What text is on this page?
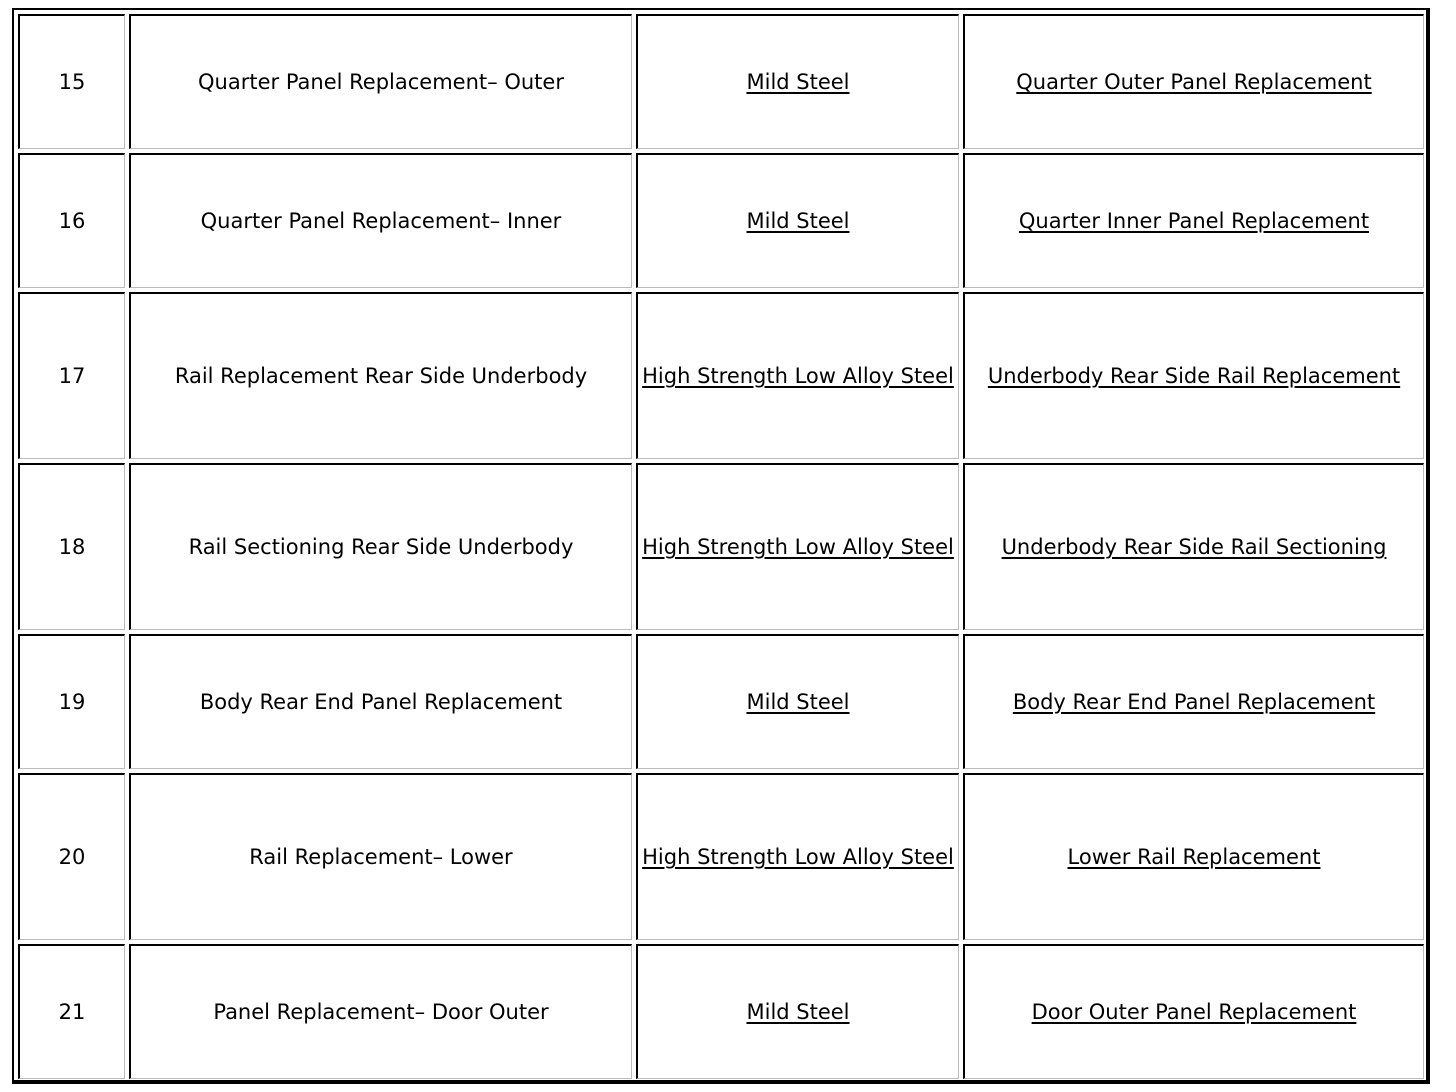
15	Quarter Panel Replacement– Outer	Mild Steel	Quarter Outer Panel Replacement
16	Quarter Panel Replacement– Inner	Mild Steel	Quarter Inner Panel Replacement
17	Rail Replacement Rear Side Underbody	High Strength Low Alloy Steel	Underbody Rear Side Rail Replacement
18	Rail Sectioning Rear Side Underbody	High Strength Low Alloy Steel	Underbody Rear Side Rail Sectioning
19	Body Rear End Panel Replacement	Mild Steel	Body Rear End Panel Replacement
20	Rail Replacement– Lower	High Strength Low Alloy Steel	Lower Rail Replacement
21	Panel Replacement– Door Outer	Mild Steel	Door Outer Panel Replacement
